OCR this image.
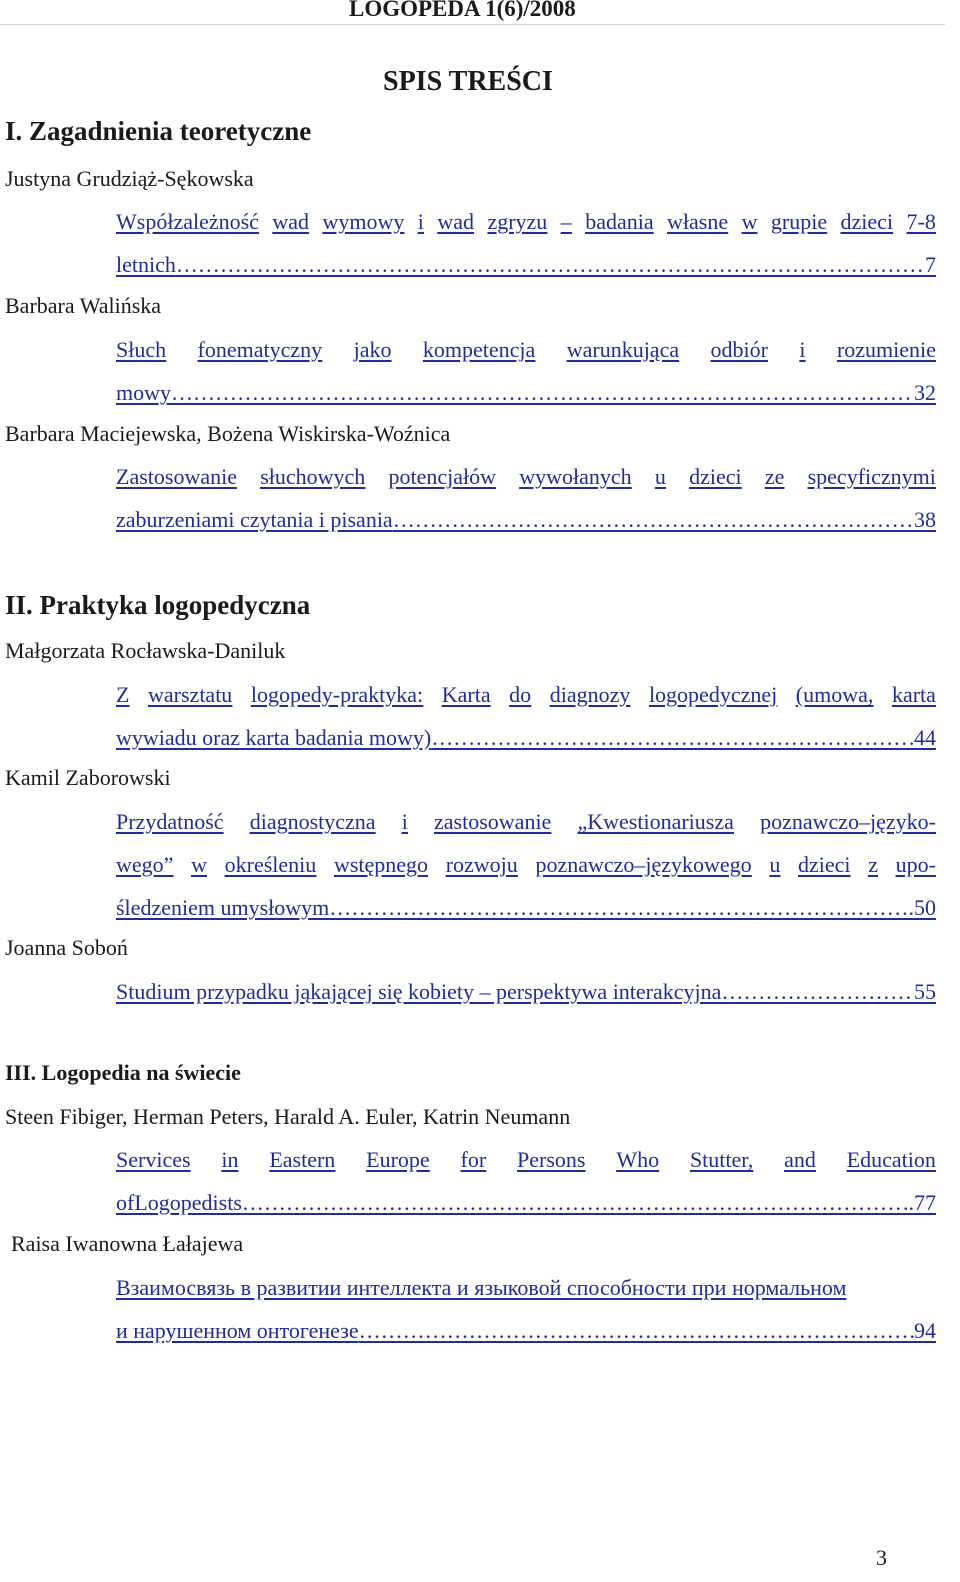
LOGOPEDA 1(6)/2008
SPIS TREŚCI
I. Zagadnienia teoretyczne
Justyna Grudziąż-Sękowska
Współzależność wad wymowy i wad zgryzu – badania własne w grupie dzieci 7-8
letnich …………………………………………………………………………………………………………………………………………………………………………………………	7
Barbara Walińska
Słuch fonematyczny jako kompetencja warunkująca odbiór i rozumienie
mowy …………………………………………………………………………………………………………………………………………………………………………………………	32
Barbara Maciejewska, Bożena Wiskirska-Woźnica
Zastosowanie słuchowych potencjałów wywołanych u dzieci ze specyficznymi
zaburzeniami czytania i pisania …………………………………………………………………………………………………………………………………………………………………………………………	38
II. Praktyka logopedyczna
Małgorzata Rocławska-Daniluk
Z warsztatu logopedy-praktyka: Karta do diagnozy logopedycznej (umowa, karta
wywiadu oraz karta badania mowy) …………………………………………………………………………………………………………………………………………………………………………………………	44
Kamil Zaborowski
Przydatność diagnostyczna i zastosowanie „Kwestionariusza poznawczo–języko-
wego” w określeniu wstępnego rozwoju poznawczo–językowego u dzieci z upo-
śledzeniem umysłowym …………………………………………………………………………………………………………………………………………………………………………………………	.50
Joanna Soboń
Studium przypadku jąkającej się kobiety – perspektywa interakcyjna …………………………………………………………………………………………………………………………………………………………………………………………	55
III. Logopedia na świecie
Steen Fibiger, Herman Peters, Harald A. Euler, Katrin Neumann
Services in Eastern Europe for Persons Who Stutter, and Education
ofLogopedists …………………………………………………………………………………………………………………………………………………………………………………………	..77
Raisa Iwanowna Łałajewa
Взаимосвязь в развитии интеллекта и языковой способности при нормальном
и нарушенном онтогенезе …………………………………………………………………………………………………………………………………………………………………………………………	94
3
